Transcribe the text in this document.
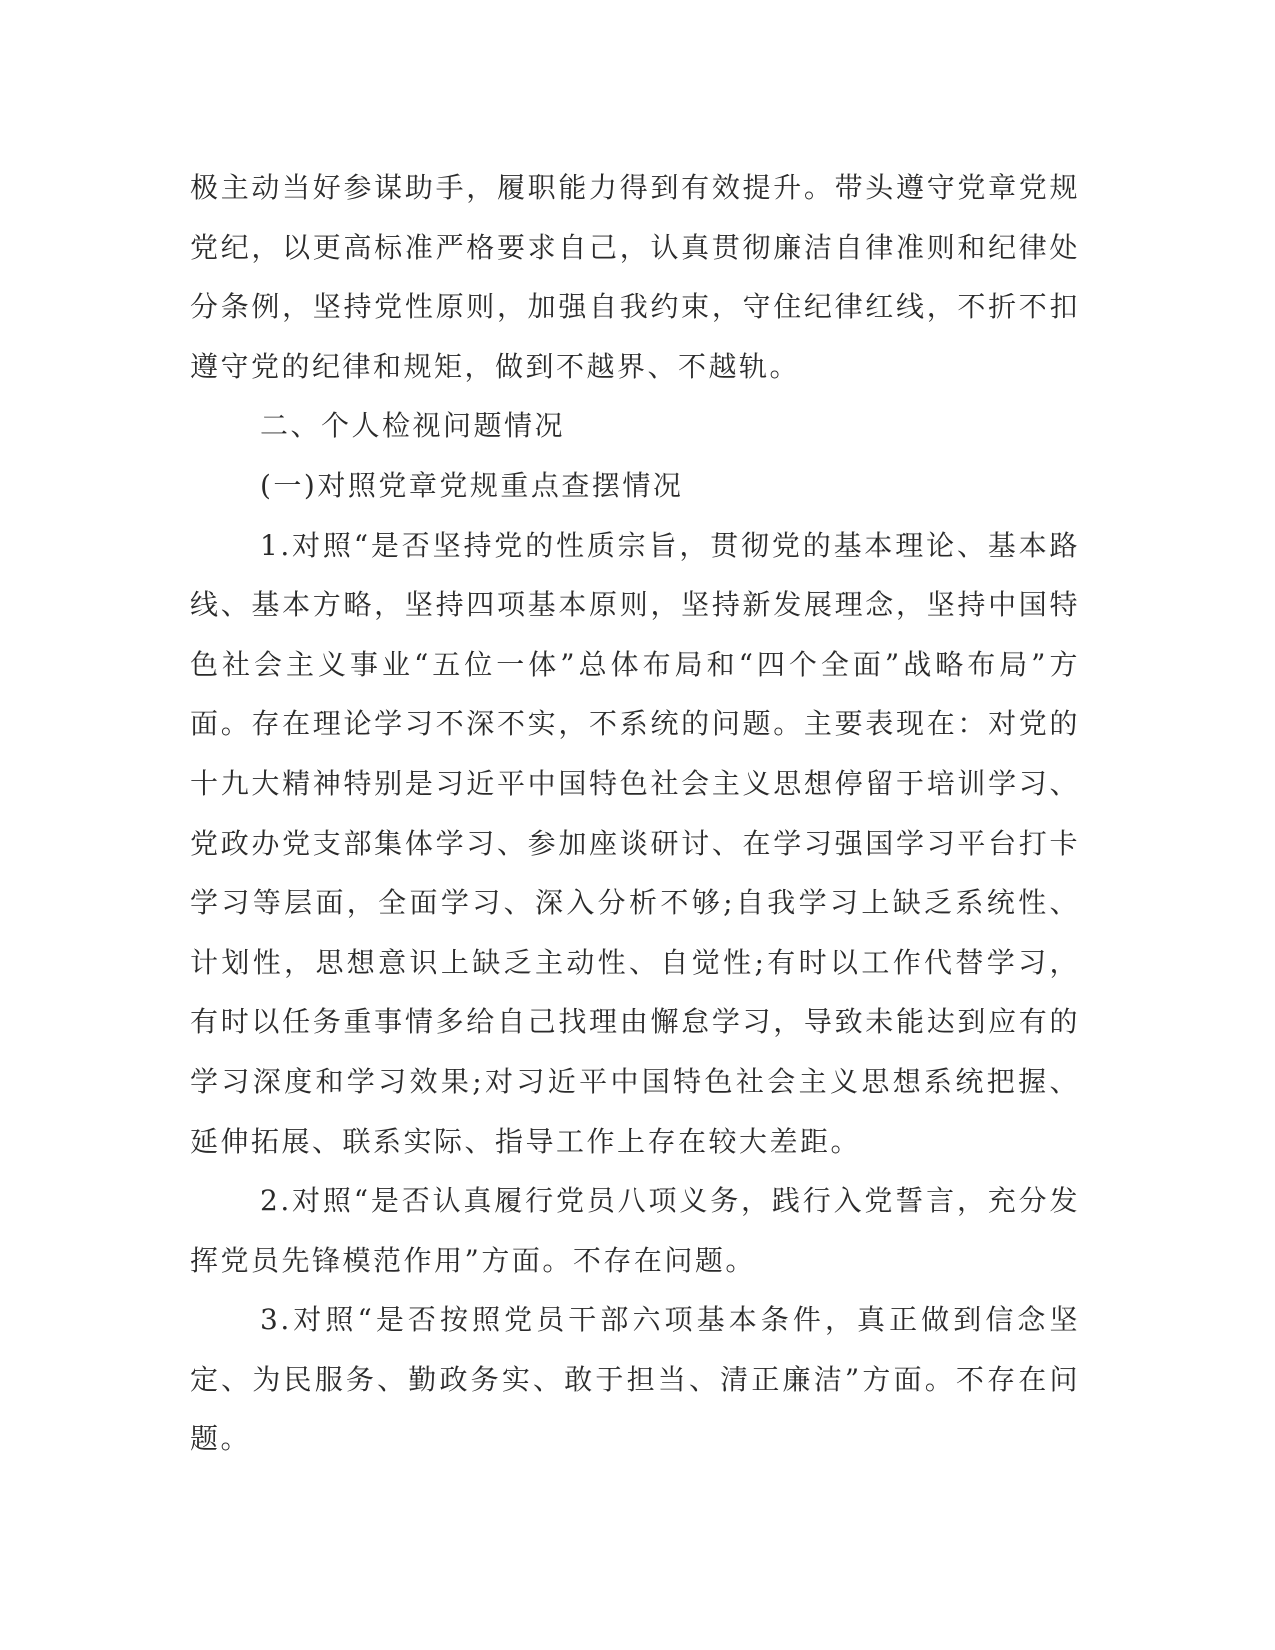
极主动当好参谋助手，履职能力得到有效提升。带头遵守党章党规党纪，以更高标准严格要求自己，认真贯彻廉洁自律准则和纪律处分条例，坚持党性原则，加强自我约束，守住纪律红线，不折不扣遵守党的纪律和规矩，做到不越界、不越轨。

二、个人检视问题情况

(一)对照党章党规重点查摆情况

1.对照“是否坚持党的性质宗旨，贯彻党的基本理论、基本路线、基本方略，坚持四项基本原则，坚持新发展理念，坚持中国特色社会主义事业“五位一体”总体布局和“四个全面”战略布局”方面。存在理论学习不深不实，不系统的问题。主要表现在：对党的十九大精神特别是习近平中国特色社会主义思想停留于培训学习、党政办党支部集体学习、参加座谈研讨、在学习强国学习平台打卡学习等层面，全面学习、深入分析不够;自我学习上缺乏系统性、计划性，思想意识上缺乏主动性、自觉性;有时以工作代替学习，有时以任务重事情多给自己找理由懈怠学习，导致未能达到应有的学习深度和学习效果;对习近平中国特色社会主义思想系统把握、延伸拓展、联系实际、指导工作上存在较大差距。

2.对照“是否认真履行党员八项义务，践行入党誓言，充分发挥党员先锋模范作用”方面。不存在问题。

3.对照“是否按照党员干部六项基本条件，真正做到信念坚定、为民服务、勤政务实、敢于担当、清正廉洁”方面。不存在问题。
